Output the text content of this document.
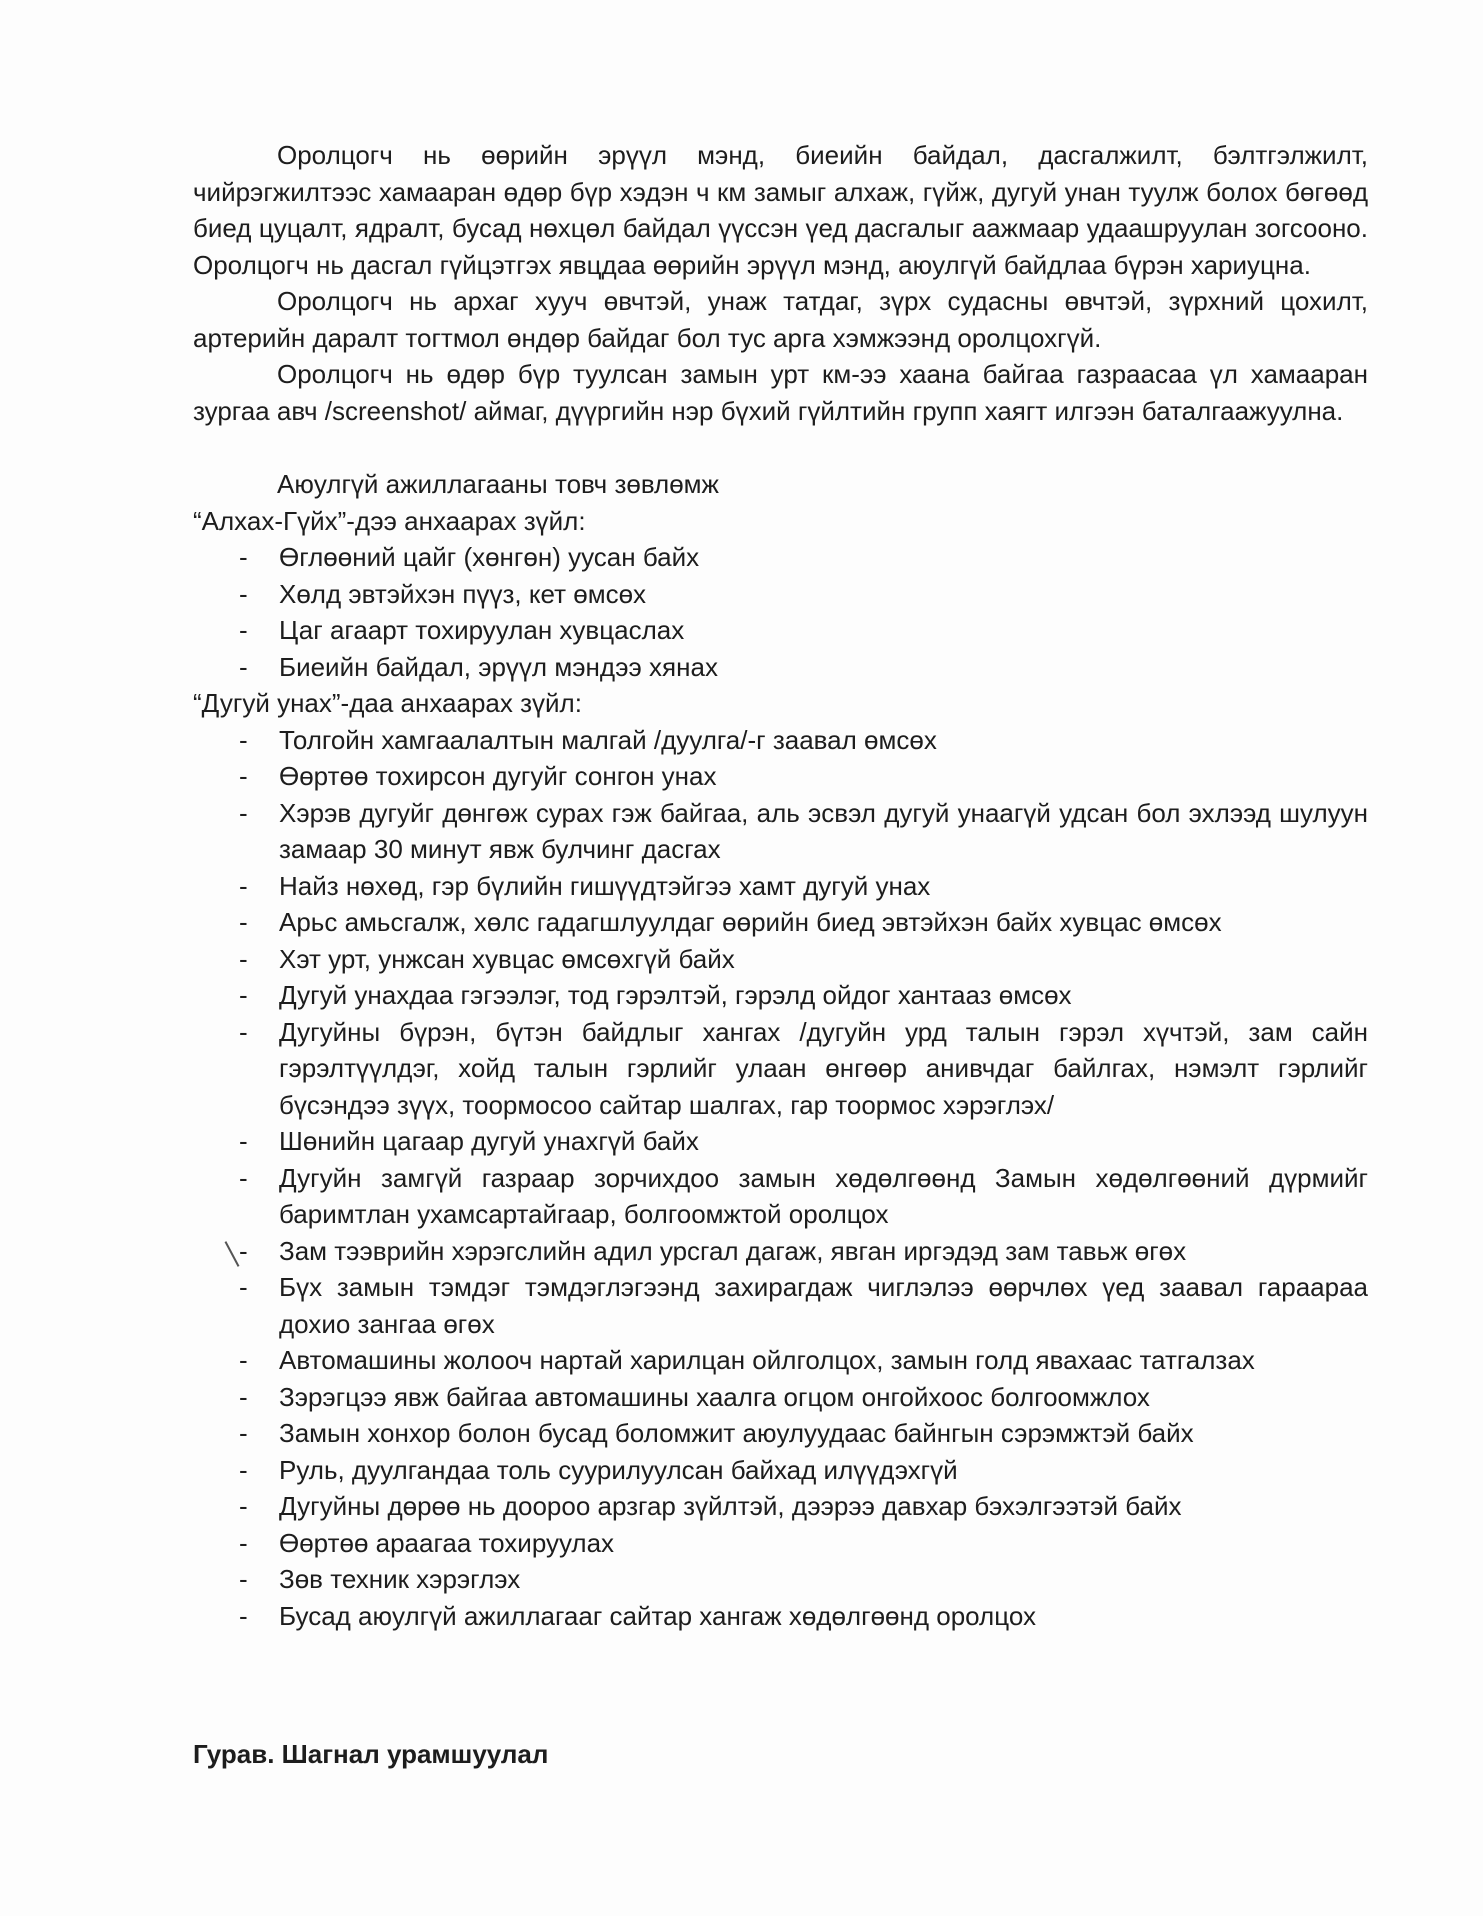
Оролцогч нь өөрийн эрүүл мэнд, биеийн байдал, дасгалжилт, бэлтгэлжилт, чийрэгжилтээс хамааран өдөр бүр хэдэн ч км замыг алхаж, гүйж, дугуй унан туулж болох бөгөөд биед цуцалт, ядралт, бусад нөхцөл байдал үүссэн үед дасгалыг аажмаар удаашруулан зогсооно. Оролцогч нь дасгал гүйцэтгэх явцдаа өөрийн эрүүл мэнд, аюулгүй байдлаа бүрэн хариуцна.

Оролцогч нь архаг хууч өвчтэй, унаж татдаг, зүрх судасны өвчтэй, зүрхний цохилт, артерийн даралт тогтмол өндөр байдаг бол тус арга хэмжээнд оролцохгүй.

Оролцогч нь өдөр бүр туулсан замын урт км-ээ хаана байгаа газраасаа үл хамааран зургаа авч /screenshot/ аймаг, дүүргийн нэр бүхий гүйлтийн групп хаягт илгээн баталгаажуулна.

Аюулгүй ажиллагааны товч зөвлөмж

“Алхах-Гүйх”-дээ анхаарах зүйл:

- Өглөөний цайг (хөнгөн) уусан байх
- Хөлд эвтэйхэн пүүз, кет өмсөх
- Цаг агаарт тохируулан хувцаслах
- Биеийн байдал, эрүүл мэндээ хянах

“Дугуй унах”-даа анхаарах зүйл:

- Толгойн хамгаалалтын малгай /дуулга/-г заавал өмсөх
- Өөртөө тохирсон дугуйг сонгон унах
- Хэрэв дугуйг дөнгөж сурах гэж байгаа, аль эсвэл дугуй унаагүй удсан бол эхлээд шулуун замаар 30 минут явж булчинг дасгах
- Найз нөхөд, гэр бүлийн гишүүдтэйгээ хамт дугуй унах
- Арьс амьсгалж, хөлс гадагшлуулдаг өөрийн биед эвтэйхэн байх хувцас өмсөх
- Хэт урт, унжсан хувцас өмсөхгүй байх
- Дугуй унахдаа гэгээлэг, тод гэрэлтэй, гэрэлд ойдог хантааз өмсөх
- Дугуйны бүрэн, бүтэн байдлыг хангах /дугуйн урд талын гэрэл хүчтэй, зам сайн гэрэлтүүлдэг, хойд талын гэрлийг улаан өнгөөр анивчдаг байлгах, нэмэлт гэрлийг бүсэндээ зүүх, тоормосоо сайтар шалгах, гар тоормос хэрэглэх/
- Шөнийн цагаар дугуй унахгүй байх
- Дугуйн замгүй газраар зорчихдоо замын хөдөлгөөнд Замын хөдөлгөөний дүрмийг баримтлан ухамсартайгаар, болгоомжтой оролцох
- Зам тээврийн хэрэгслийн адил урсгал дагаж, явган иргэдэд зам тавьж өгөх
- Бүх замын тэмдэг тэмдэглэгээнд захирагдаж чиглэлээ өөрчлөх үед заавал гараараа дохио зангаа өгөх
- Автомашины жолооч нартай харилцан ойлголцох, замын голд явахаас татгалзах
- Зэрэгцээ явж байгаа автомашины хаалга огцом онгойхоос болгоомжлох
- Замын хонхор болон бусад боломжит аюулуудаас байнгын сэрэмжтэй байх
- Руль, дуулгандаа толь суурилуулсан байхад илүүдэхгүй
- Дугуйны дөрөө нь доороо арзгар зүйлтэй, дээрээ давхар бэхэлгээтэй байх
- Өөртөө араагаа тохируулах
- Зөв техник хэрэглэх
- Бусад аюулгүй ажиллагааг сайтар хангаж хөдөлгөөнд оролцох

Гурав. Шагнал урамшуулал
